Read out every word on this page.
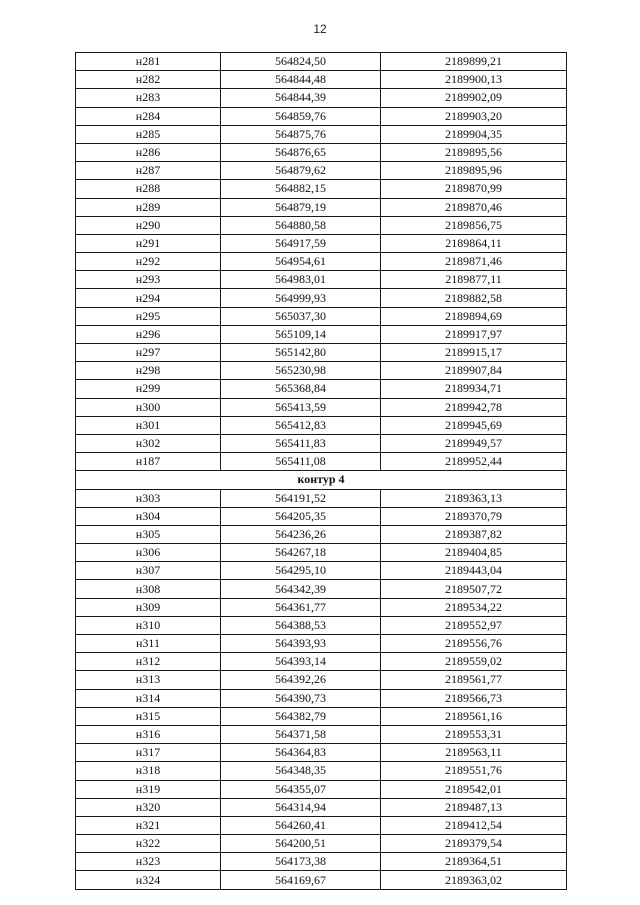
12
н281	564824,50	2189899,21
н282	564844,48	2189900,13
н283	564844,39	2189902,09
н284	564859,76	2189903,20
н285	564875,76	2189904,35
н286	564876,65	2189895,56
н287	564879,62	2189895,96
н288	564882,15	2189870,99
н289	564879,19	2189870,46
н290	564880,58	2189856,75
н291	564917,59	2189864,11
н292	564954,61	2189871,46
н293	564983,01	2189877,11
н294	564999,93	2189882,58
н295	565037,30	2189894,69
н296	565109,14	2189917,97
н297	565142,80	2189915,17
н298	565230,98	2189907,84
н299	565368,84	2189934,71
н300	565413,59	2189942,78
н301	565412,83	2189945,69
н302	565411,83	2189949,57
н187	565411,08	2189952,44
контур 4		
н303	564191,52	2189363,13
н304	564205,35	2189370,79
н305	564236,26	2189387,82
н306	564267,18	2189404,85
н307	564295,10	2189443,04
н308	564342,39	2189507,72
н309	564361,77	2189534,22
н310	564388,53	2189552,97
н311	564393,93	2189556,76
н312	564393,14	2189559,02
н313	564392,26	2189561,77
н314	564390,73	2189566,73
н315	564382,79	2189561,16
н316	564371,58	2189553,31
н317	564364,83	2189563,11
н318	564348,35	2189551,76
н319	564355,07	2189542,01
н320	564314,94	2189487,13
н321	564260,41	2189412,54
н322	564200,51	2189379,54
н323	564173,38	2189364,51
н324	564169,67	2189363,02
